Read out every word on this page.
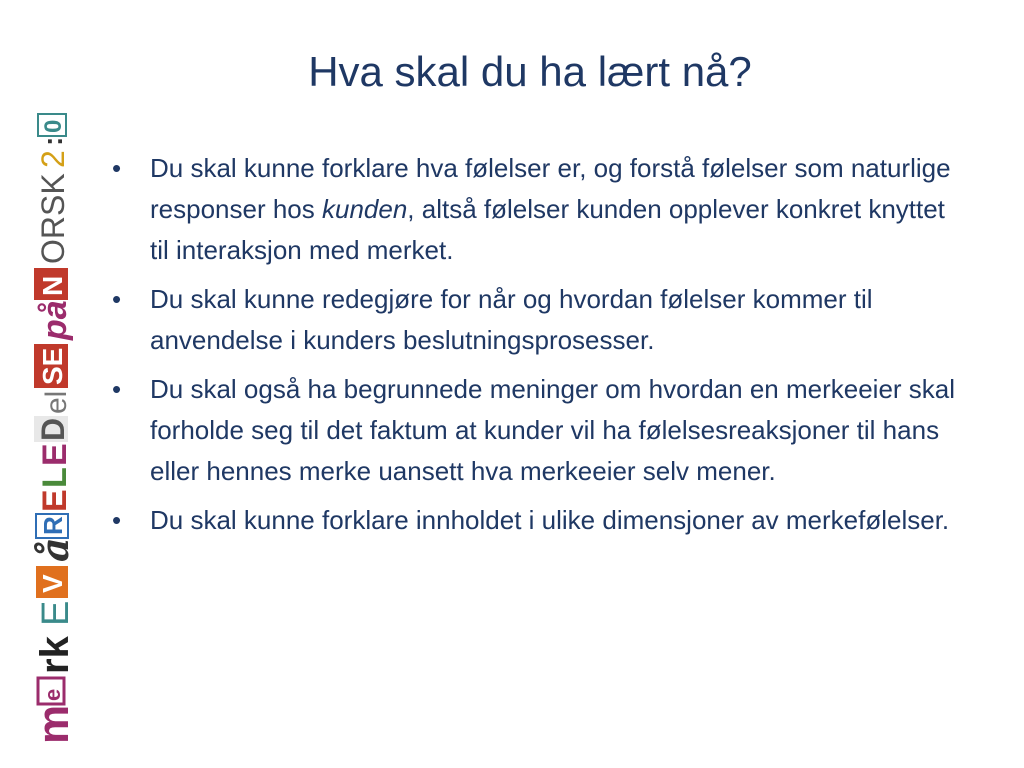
m
e
rk
E
V
å
R
E
L
E
D
el
SE
på
N
ORSK
2
:
0
Hva skal du ha lært nå?
• Du skal kunne forklare hva følelser er, og forstå følelser som naturlige responser hos kunden, altså følelser kunden opplever konkret knyttet til interaksjon med merket.
• Du skal kunne redegjøre for når og hvordan følelser kommer til anvendelse i kunders beslutningsprosesser.
• Du skal også ha begrunnede meninger om hvordan en merkeeier skal forholde seg til det faktum at kunder vil ha følelsesreaksjoner til hans eller hennes merke uansett hva merkeeier selv mener.
• Du skal kunne forklare innholdet i ulike dimensjoner av merkefølelser.
